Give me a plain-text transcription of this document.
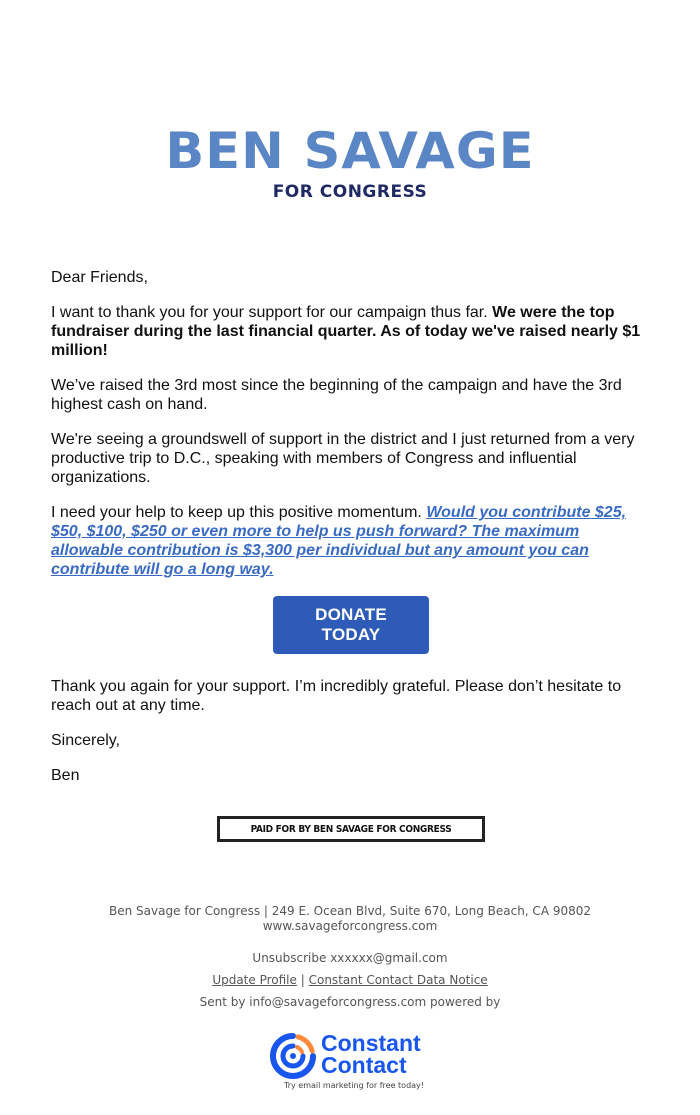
BEN SAVAGE
FOR CONGRESS

Dear Friends,

I want to thank you for your support for our campaign thus far. We were the top fundraiser during the last financial quarter. As of today we've raised nearly $1 million!

We’ve raised the 3rd most since the beginning of the campaign and have the 3rd highest cash on hand.

We're seeing a groundswell of support in the district and I just returned from a very productive trip to D.C., speaking with members of Congress and influential organizations.

I need your help to keep up this positive momentum. Would you contribute $25, $50, $100, $250 or even more to help us push forward? The maximum allowable contribution is $3,300 per individual but any amount you can contribute will go a long way.

DONATE TODAY

Thank you again for your support. I’m incredibly grateful. Please don’t hesitate to reach out at any time.

Sincerely,

Ben

PAID FOR BY BEN SAVAGE FOR CONGRESS
Ben Savage for Congress | 249 E. Ocean Blvd, Suite 670, Long Beach, CA 90802
www.savageforcongress.com
Unsubscribe xxxxxx@gmail.com
Update Profile | Constant Contact Data Notice
Sent by info@savageforcongress.com powered by
Constant
Contact
Try email marketing for free today!
